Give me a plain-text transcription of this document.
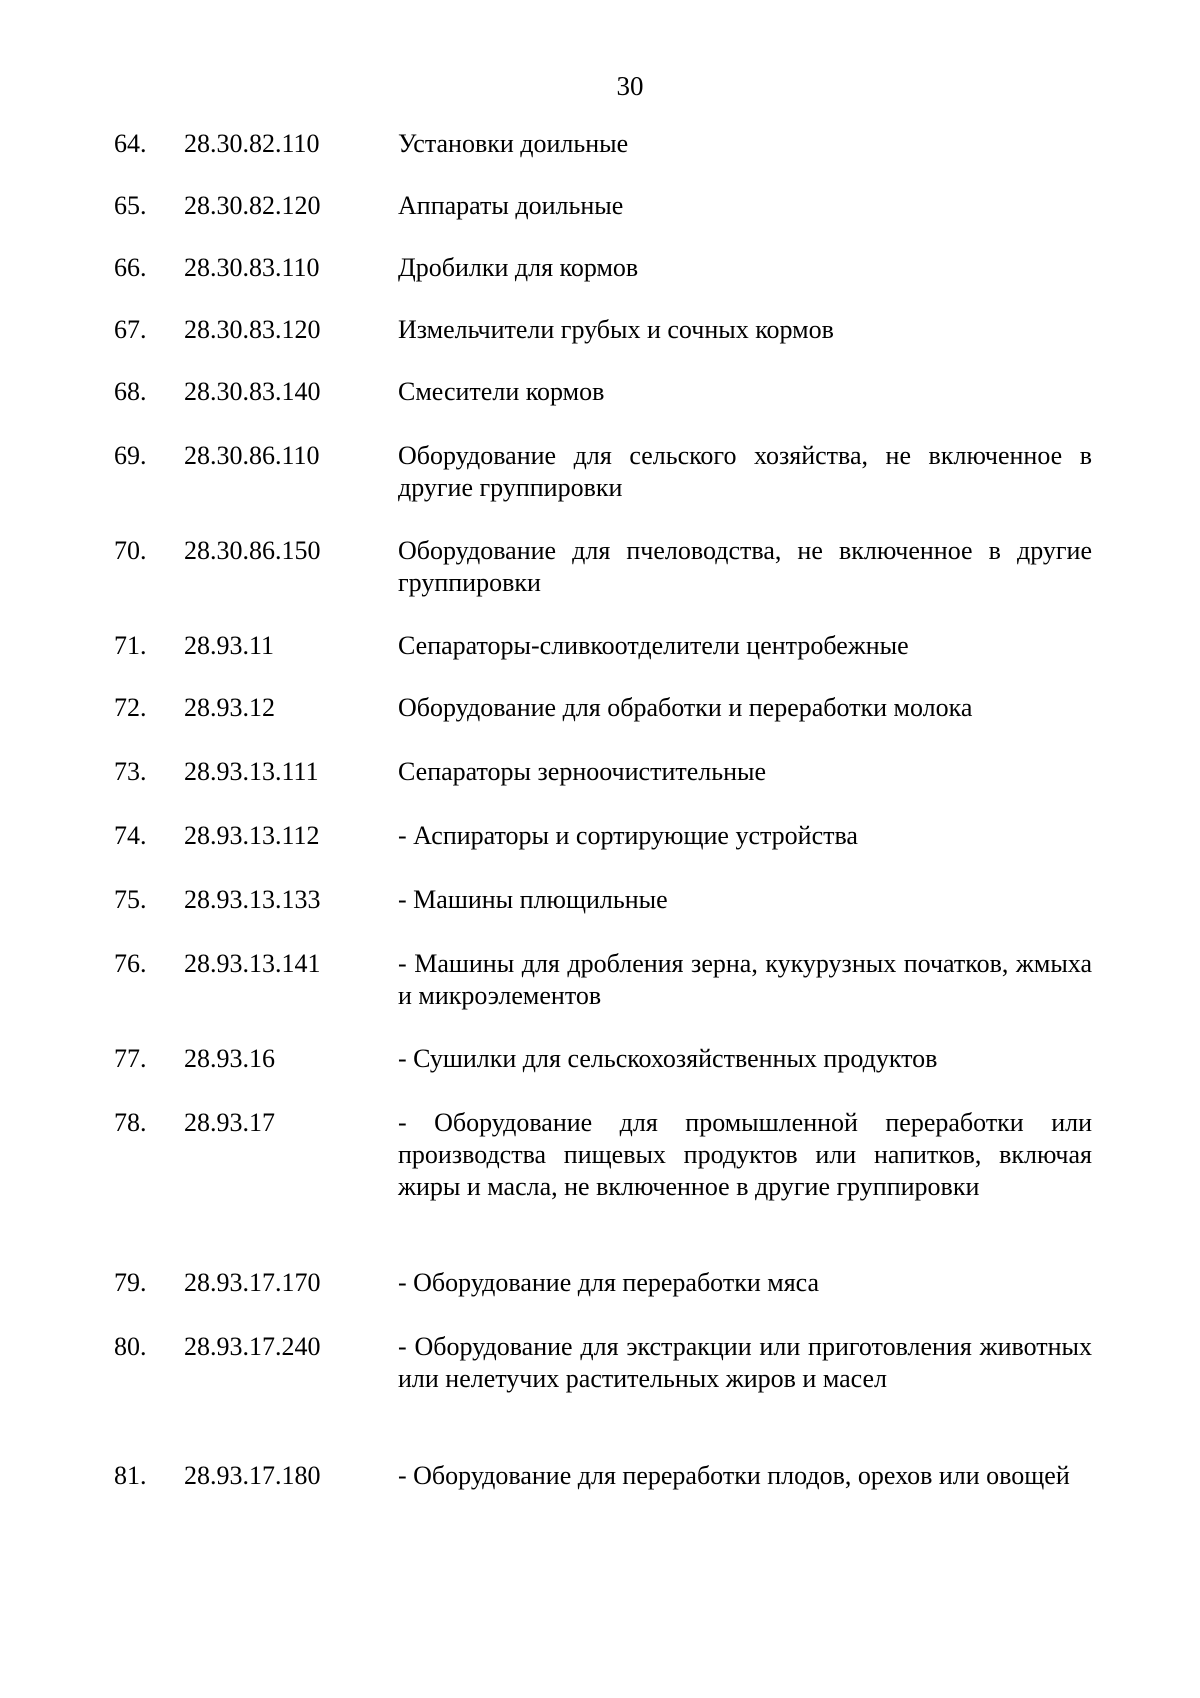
30
64. 28.30.82.110	Установки доильные
65. 28.30.82.120	Аппараты доильные
66. 28.30.83.110	Дробилки для кормов
67. 28.30.83.120	Измельчители грубых и сочных кормов
68. 28.30.83.140	Смесители кормов
69. 28.30.86.110	Оборудование для сельского хозяйства, не включенное в другие группировки
70. 28.30.86.150	Оборудование для пчеловодства, не включенное в другие группировки
71. 28.93.11	Сепараторы-сливкоотделители центробежные
72. 28.93.12	Оборудование для обработки и переработки молока
73. 28.93.13.111	Сепараторы зерноочистительные
74. 28.93.13.112	- Аспираторы и сортирующие устройства
75. 28.93.13.133	- Машины плющильные
76. 28.93.13.141	- Машины для дробления зерна, кукурузных початков, жмыха и микроэлементов
77. 28.93.16	- Сушилки для сельскохозяйственных продуктов
78. 28.93.17	- Оборудование для промышленной переработки или производства пищевых продуктов или напитков, включая жиры и масла, не включенное в другие группировки
79. 28.93.17.170	- Оборудование для переработки мяса
80. 28.93.17.240	- Оборудование для экстракции или приготовления животных или нелетучих растительных жиров и масел
81. 28.93.17.180	- Оборудование для переработки плодов, орехов или овощей
